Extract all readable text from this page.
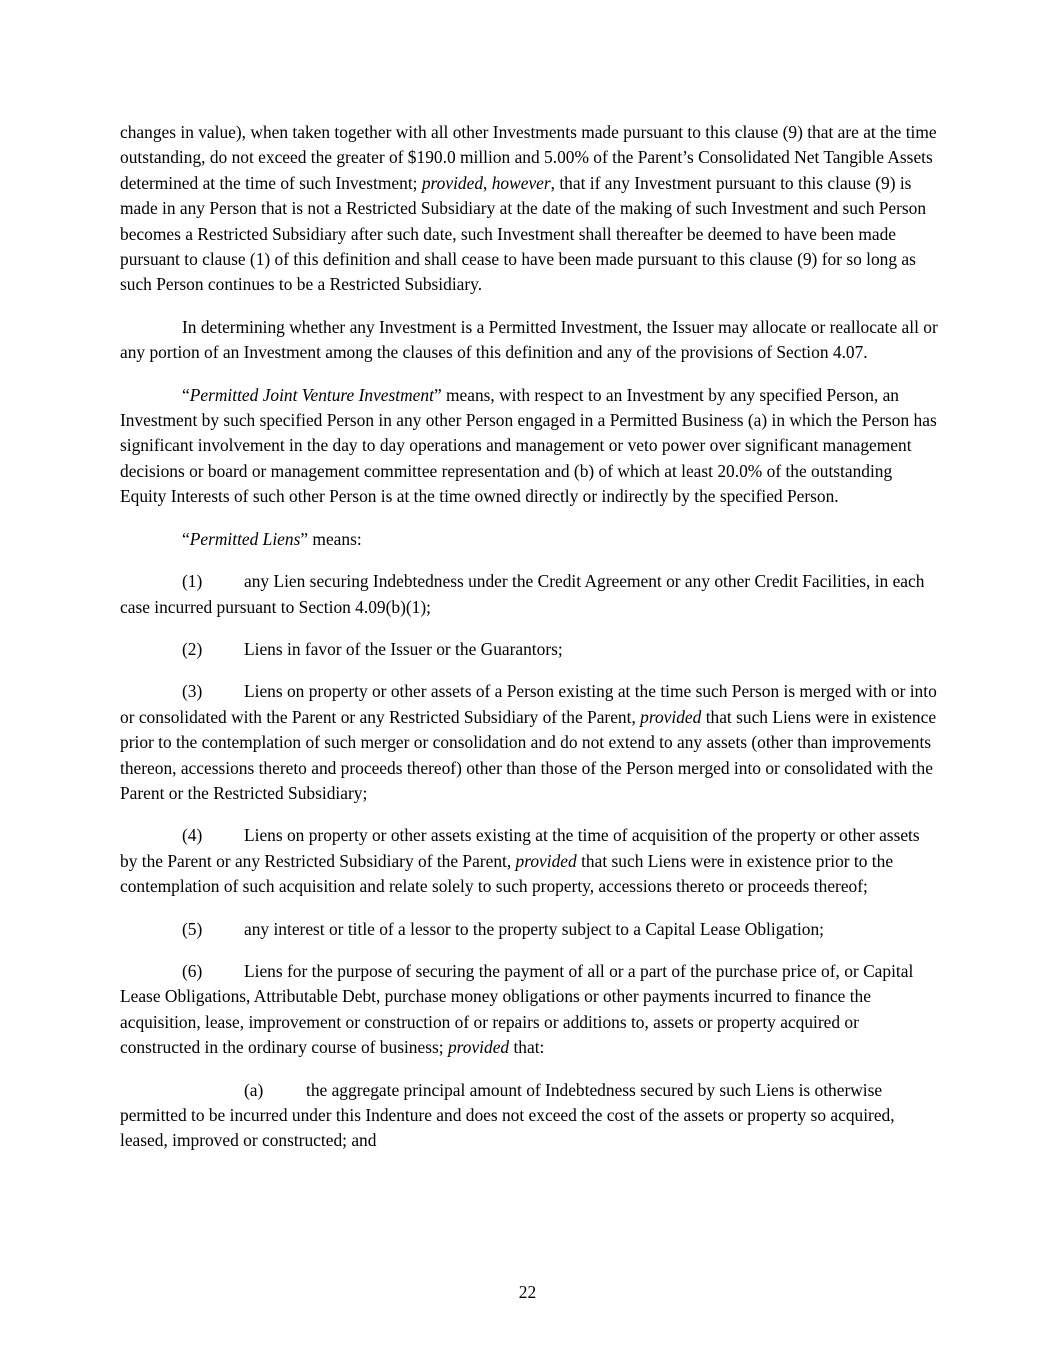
changes in value), when taken together with all other Investments made pursuant to this clause (9) that are at the time outstanding, do not exceed the greater of $190.0 million and 5.00% of the Parent’s Consolidated Net Tangible Assets determined at the time of such Investment; provided, however, that if any Investment pursuant to this clause (9) is made in any Person that is not a Restricted Subsidiary at the date of the making of such Investment and such Person becomes a Restricted Subsidiary after such date, such Investment shall thereafter be deemed to have been made pursuant to clause (1) of this definition and shall cease to have been made pursuant to this clause (9) for so long as such Person continues to be a Restricted Subsidiary.

In determining whether any Investment is a Permitted Investment, the Issuer may allocate or reallocate all or any portion of an Investment among the clauses of this definition and any of the provisions of Section 4.07.

“Permitted Joint Venture Investment” means, with respect to an Investment by any specified Person, an Investment by such specified Person in any other Person engaged in a Permitted Business (a) in which the Person has significant involvement in the day to day operations and management or veto power over significant management decisions or board or management committee representation and (b) of which at least 20.0% of the outstanding Equity Interests of such other Person is at the time owned directly or indirectly by the specified Person.

“Permitted Liens” means:

(1) any Lien securing Indebtedness under the Credit Agreement or any other Credit Facilities, in each case incurred pursuant to Section 4.09(b)(1);

(2) Liens in favor of the Issuer or the Guarantors;

(3) Liens on property or other assets of a Person existing at the time such Person is merged with or into or consolidated with the Parent or any Restricted Subsidiary of the Parent, provided that such Liens were in existence prior to the contemplation of such merger or consolidation and do not extend to any assets (other than improvements thereon, accessions thereto and proceeds thereof) other than those of the Person merged into or consolidated with the Parent or the Restricted Subsidiary;

(4) Liens on property or other assets existing at the time of acquisition of the property or other assets by the Parent or any Restricted Subsidiary of the Parent, provided that such Liens were in existence prior to the contemplation of such acquisition and relate solely to such property, accessions thereto or proceeds thereof;

(5) any interest or title of a lessor to the property subject to a Capital Lease Obligation;

(6) Liens for the purpose of securing the payment of all or a part of the purchase price of, or Capital Lease Obligations, Attributable Debt, purchase money obligations or other payments incurred to finance the acquisition, lease, improvement or construction of or repairs or additions to, assets or property acquired or constructed in the ordinary course of business; provided that:

(a) the aggregate principal amount of Indebtedness secured by such Liens is otherwise permitted to be incurred under this Indenture and does not exceed the cost of the assets or property so acquired, leased, improved or constructed; and

22
